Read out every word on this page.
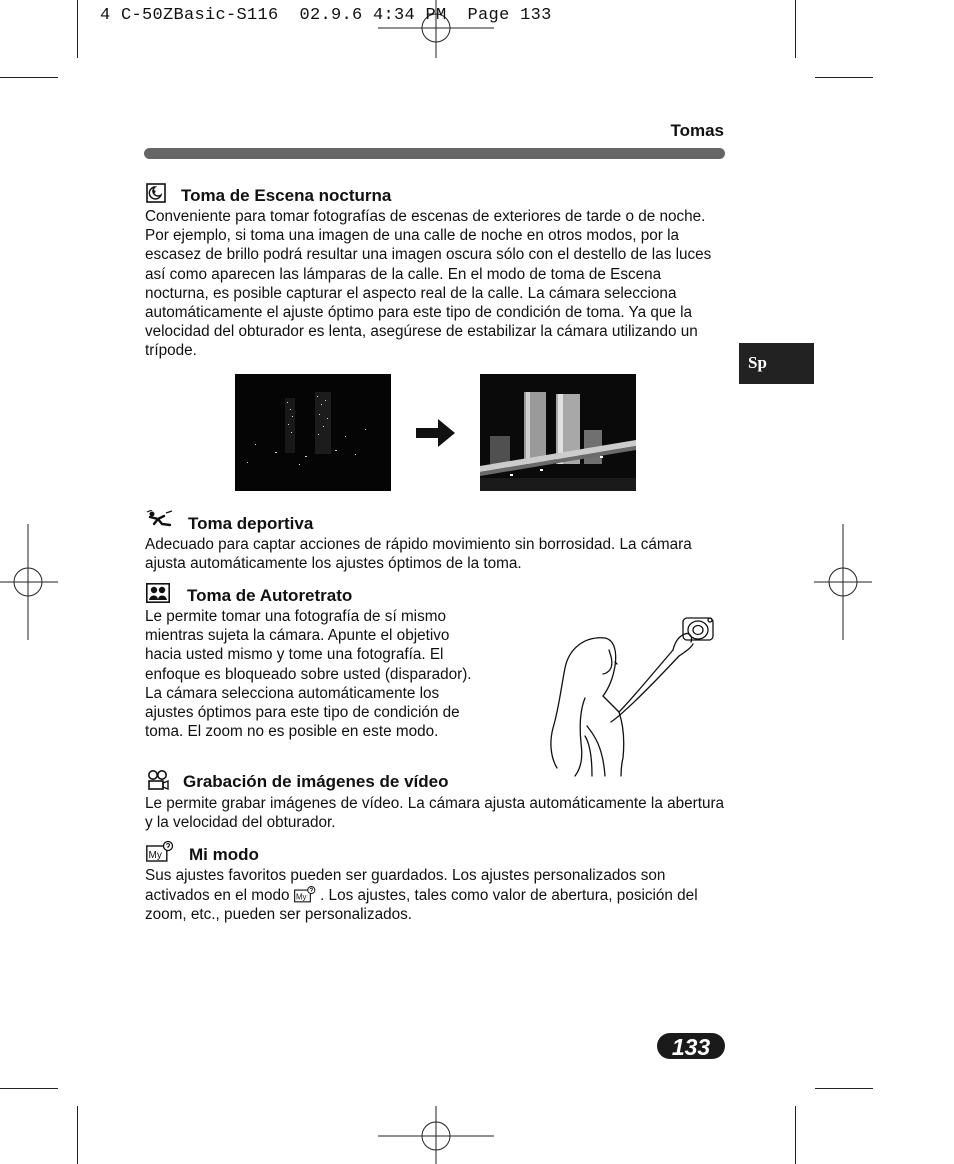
4 C-50ZBasic-S116  02.9.6 4:34 PM  Page 133
Tomas
Sp
Toma de Escena nocturna
Conveniente para tomar fotografías de escenas de exteriores de tarde o de noche. Por ejemplo, si toma una imagen de una calle de noche en otros modos, por la escasez de brillo podrá resultar una imagen oscura sólo con el destello de las luces así como aparecen las lámparas de la calle. En el modo de toma de Escena nocturna, es posible capturar el aspecto real de la calle. La cámara selecciona automáticamente el ajuste óptimo para este tipo de condición de toma. Ya que la velocidad del obturador es lenta, asegúrese de estabilizar la cámara utilizando un trípode.
Toma deportiva
Adecuado para captar acciones de rápido movimiento sin borrosidad. La cámara ajusta automáticamente los ajustes óptimos de la toma.
Toma de Autoretrato
Le permite tomar una fotografía de sí mismo mientras sujeta la cámara. Apunte el objetivo hacia usted mismo y tome una fotografía. El enfoque es bloqueado sobre usted (disparador). La cámara selecciona automáticamente los ajustes óptimos para este tipo de condición de toma. El zoom no es posible en este modo.
Grabación de imágenes de vídeo
Le permite grabar imágenes de vídeo. La cámara ajusta automáticamente la abertura y la velocidad del obturador.
My Mi modo
Sus ajustes favoritos pueden ser guardados. Los ajustes personalizados son activados en el modo My . Los ajustes, tales como valor de abertura, posición del zoom, etc., pueden ser personalizados.
133
